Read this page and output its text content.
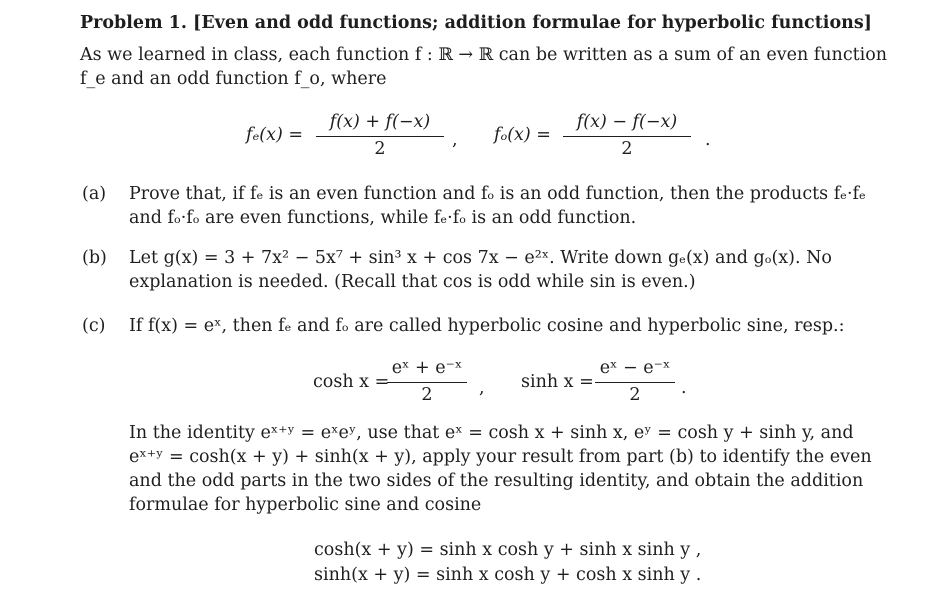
Problem 1. [Even and odd functions; addition formulae for hyperbolic functions]
As we learned in class, each function f : ℝ → ℝ can be written as a sum of an even function
f_e and an odd function f_o, where
$f_e(x) = \frac{f(x) + f(-x)}{2}$ , $f_o(x) = \frac{f(x) - f(-x)}{2}$ .
(a) Prove that, if fₑ is an even function and fₒ is an odd function, then the products fₑ·fₑ
and fₒ·fₒ are even functions, while fₑ·fₒ is an odd function.
(b) Let g(x) = 3 + 7x² − 5x⁷ + sin³ x + cos 7x − e²ˣ. Write down gₑ(x) and gₒ(x). No
explanation is needed. (Recall that cos is odd while sin is even.)
(c) If f(x) = eˣ, then fₑ and fₒ are called hyperbolic cosine and hyperbolic sine, resp.:
cosh x =
$\frac{\text{eˣ + e⁻ˣ}}{2}$ , $\sinh x = \frac{\text{eˣ − e⁻ˣ}}{2}$ .
In the identity eˣ⁺ʸ = eˣeʸ, use that eˣ = cosh x + sinh x, eʸ = cosh y + sinh y, and
eˣ⁺ʸ = cosh(x + y) + sinh(x + y), apply your result from part (b) to identify the even
and the odd parts in the two sides of the resulting identity, and obtain the addition
formulae for hyperbolic sine and cosine
cosh(x + y) = sinh x cosh y + sinh x sinh y ,
sinh(x + y) = sinh x cosh y + cosh x sinh y .
